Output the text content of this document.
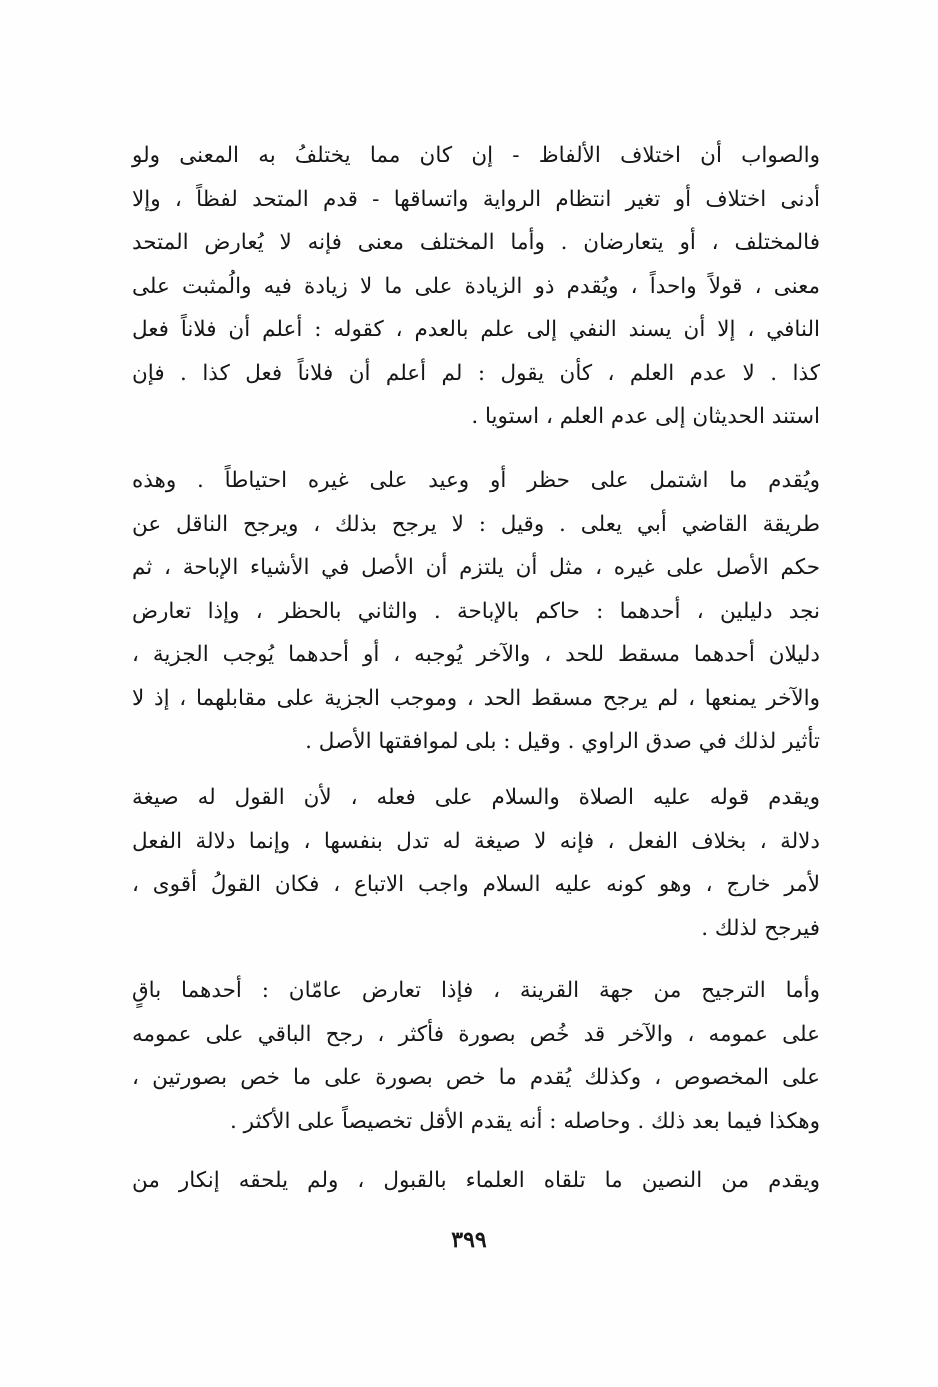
والصواب أن اختلاف الألفاظ - إن كان مما يختلفُ به المعنى ولو
أدنى اختلاف أو تغير انتظام الرواية واتساقها - قدم المتحد لفظاً ، وإلا
فالمختلف ، أو يتعارضان . وأما المختلف معنى فإنه لا يُعارض المتحد
معنى ، قولاً واحداً ، ويُقدم ذو الزيادة على ما لا زيادة فيه والُمثبت على
النافي ، إلا أن يسند النفي إلى علم بالعدم ، كقوله : أعلم أن فلاناً فعل
كذا . لا عدم العلم ، كأن يقول : لم أعلم أن فلاناً فعل كذا . فإن
استند الحديثان إلى عدم العلم ، استويا .
ويُقدم ما اشتمل على حظر أو وعيد على غيره احتياطاً . وهذه
طريقة القاضي أبي يعلى . وقيل : لا يرجح بذلك ، ويرجح الناقل عن
حكم الأصل على غيره ، مثل أن يلتزم أن الأصل في الأشياء الإباحة ، ثم
نجد دليلين ، أحدهما : حاكم بالإباحة . والثاني بالحظر ، وإذا تعارض
دليلان أحدهما مسقط للحد ، والآخر يُوجبه ، أو أحدهما يُوجب الجزية ،
والآخر يمنعها ، لم يرجح مسقط الحد ، وموجب الجزية على مقابلهما ، إذ لا
تأثير لذلك في صدق الراوي . وقيل : بلى لموافقتها الأصل .
ويقدم قوله عليه الصلاة والسلام على فعله ، لأن القول له صيغة
دلالة ، بخلاف الفعل ، فإنه لا صيغة له تدل بنفسها ، وإنما دلالة الفعل
لأمر خارج ، وهو كونه عليه السلام واجب الاتباع ، فكان القولُ أقوى ،
فيرجح لذلك .
وأما الترجيح من جهة القرينة ، فإذا تعارض عامّان : أحدهما باقٍ
على عمومه ، والآخر قد خُص بصورة فأكثر ، رجح الباقي على عمومه
على المخصوص ، وكذلك يُقدم ما خص بصورة على ما خص بصورتين ،
وهكذا فيما بعد ذلك . وحاصله : أنه يقدم الأقل تخصيصاً على الأكثر .
ويقدم من النصين ما تلقاه العلماء بالقبول ، ولم يلحقه إنكار من
٣٩٩
